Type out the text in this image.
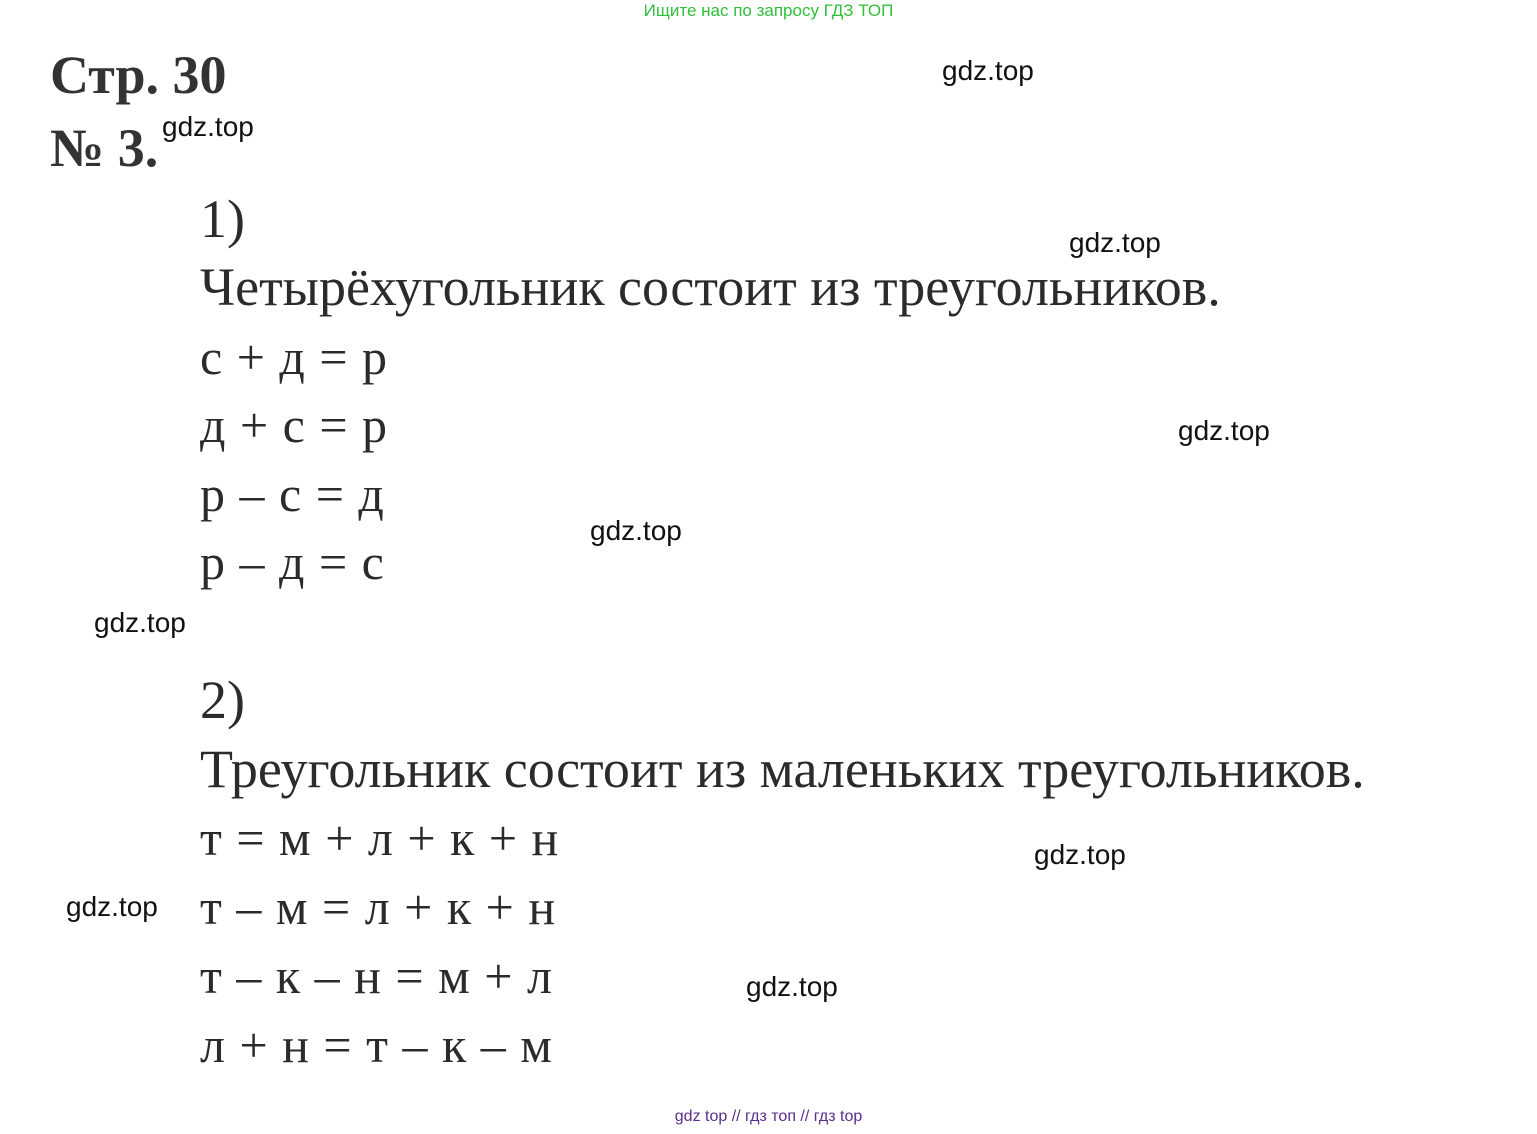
Ищите нас по запросу ГДЗ ТОП
Стр. 30
№ 3.
1)
Четырёхугольник состоит из треугольников.
с + д = р
д + с = р
р – с = д
р – д = с
2)
Треугольник состоит из маленьких треугольников.
т = м + л + к + н
т – м = л + к + н
т – к – н = м + л
л + н = т – к – м
gdz.top
gdz.top
gdz.top
gdz.top
gdz.top
gdz.top
gdz.top
gdz.top
gdz.top
gdz top // гдз топ // гдз top
